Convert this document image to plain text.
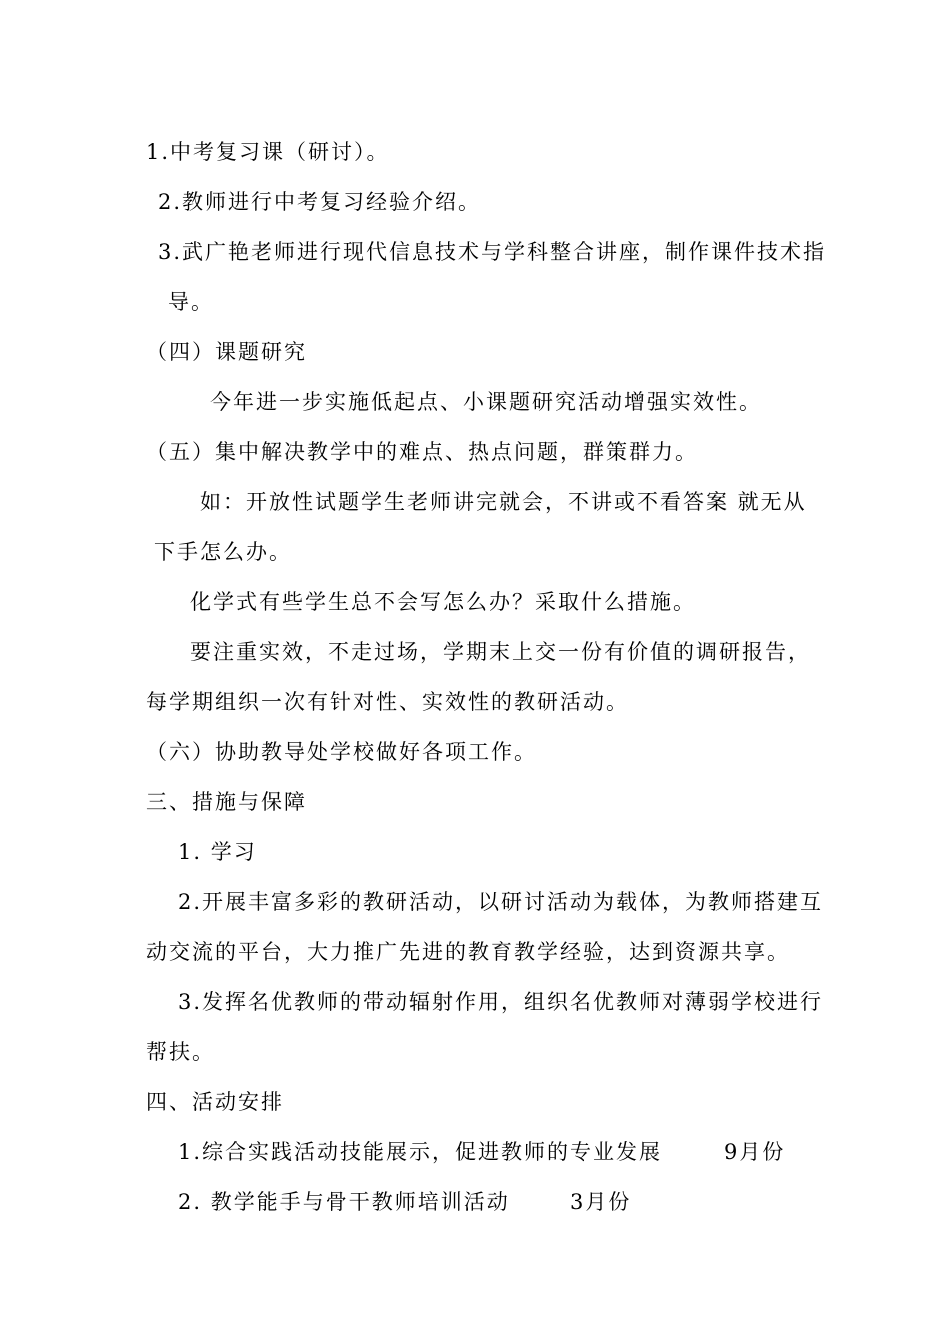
1.中考复习课（研讨）。
2.教师进行中考复习经验介绍。
3.武广艳老师进行现代信息技术与学科整合讲座，制作课件技术指
导。
（四）课题研究
今年进一步实施低起点、小课题研究活动增强实效性。
（五）集中解决教学中的难点、热点问题，群策群力。
如：开放性试题学生老师讲完就会，不讲或不看答案 就无从
下手怎么办。
化学式有些学生总不会写怎么办？采取什么措施。
要注重实效，不走过场，学期末上交一份有价值的调研报告，
每学期组织一次有针对性、实效性的教研活动。
（六）协助教导处学校做好各项工作。
三、措施与保障
1. 学习
2.开展丰富多彩的教研活动，以研讨活动为载体，为教师搭建互
动交流的平台，大力推广先进的教育教学经验，达到资源共享。
3.发挥名优教师的带动辐射作用，组织名优教师对薄弱学校进行
帮扶。
四、活动安排
1.综合实践活动技能展示，促进教师的专业发展	9月份
2. 教学能手与骨干教师培训活动	3月份
